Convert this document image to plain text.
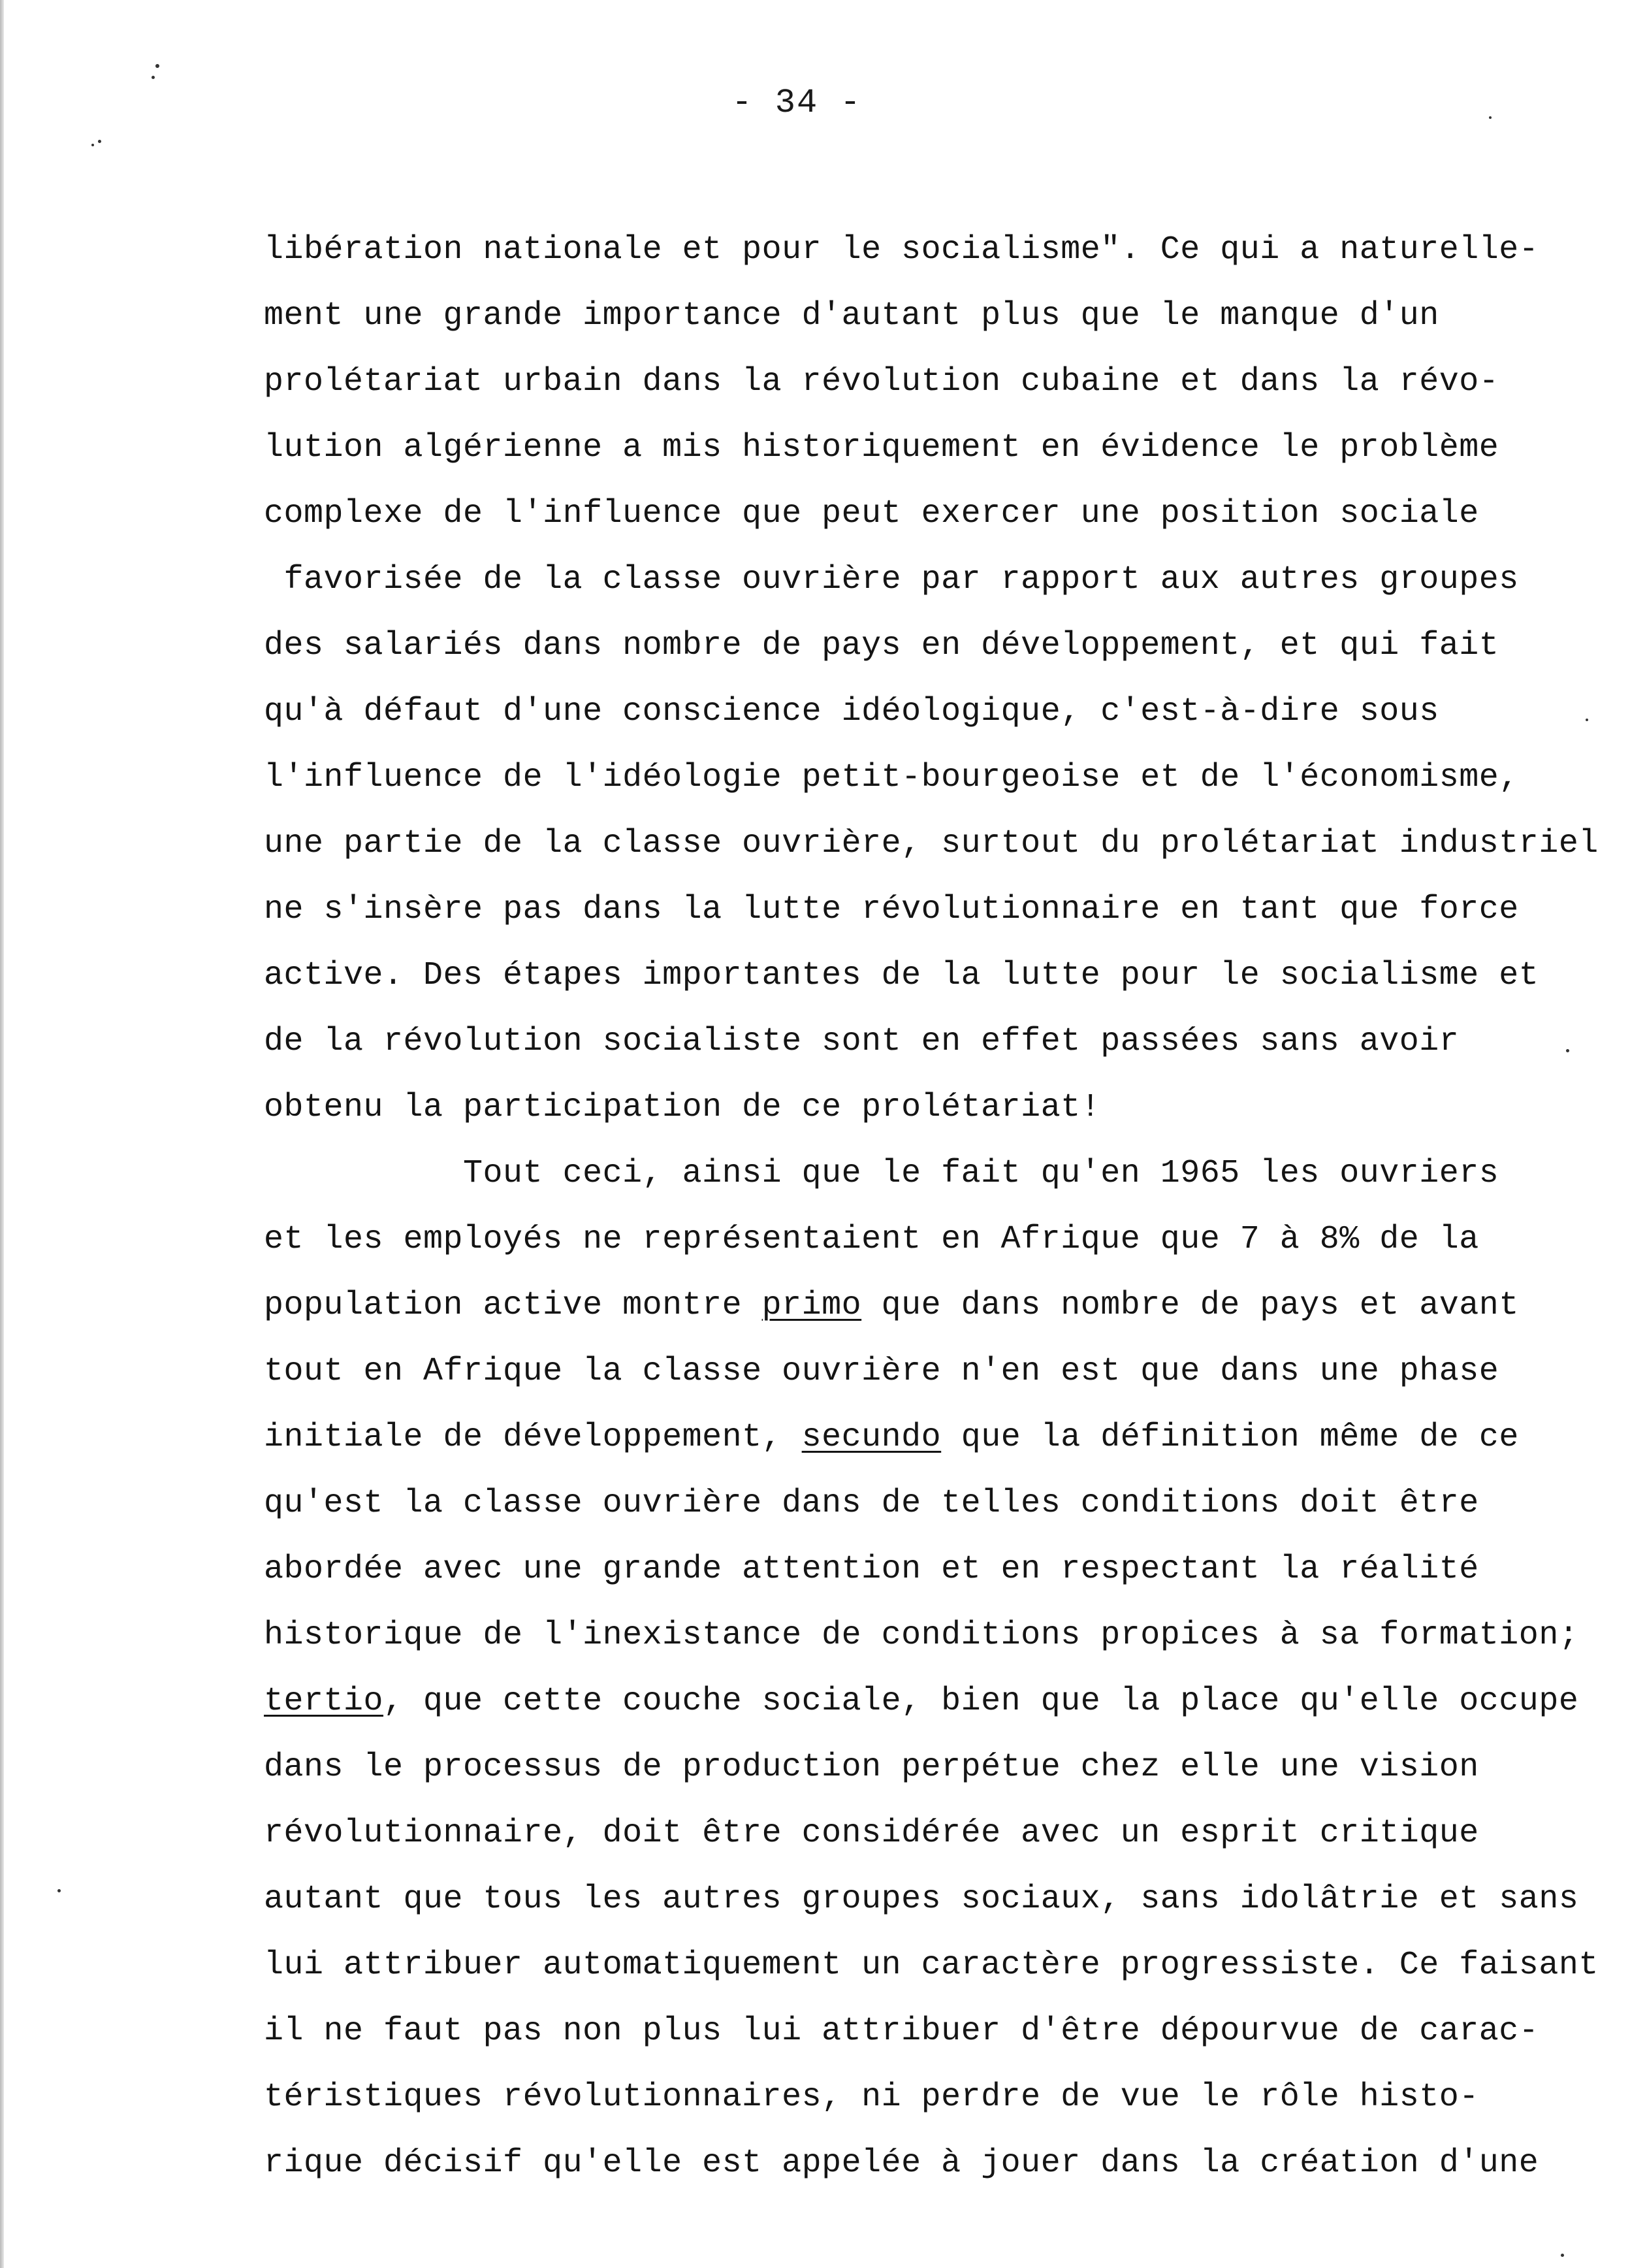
- 34 -
libération nationale et pour le socialisme". Ce qui a naturelle-
ment une grande importance d'autant plus que le manque d'un
prolétariat urbain dans la révolution cubaine et dans la révo-
lution algérienne a mis historiquement en évidence le problème
complexe de l'influence que peut exercer une position sociale
favorisée de la classe ouvrière par rapport aux autres groupes
des salariés dans nombre de pays en développement, et qui fait
qu'à défaut d'une conscience idéologique, c'est-à-dire sous
l'influence de l'idéologie petit-bourgeoise et de l'économisme,
une partie de la classe ouvrière, surtout du prolétariat industriel
ne s'insère pas dans la lutte révolutionnaire en tant que force
active. Des étapes importantes de la lutte pour le socialisme et
de la révolution socialiste sont en effet passées sans avoir
obtenu la participation de ce prolétariat!
Tout ceci, ainsi que le fait qu'en 1965 les ouvriers
et les employés ne représentaient en Afrique que 7 à 8% de la
population active montre primo que dans nombre de pays et avant
tout en Afrique la classe ouvrière n'en est que dans une phase
initiale de développement, secundo que la définition même de ce
qu'est la classe ouvrière dans de telles conditions doit être
abordée avec une grande attention et en respectant la réalité
historique de l'inexistance de conditions propices à sa formation;
tertio, que cette couche sociale, bien que la place qu'elle occupe
dans le processus de production perpétue chez elle une vision
révolutionnaire, doit être considérée avec un esprit critique
autant que tous les autres groupes sociaux, sans idolâtrie et sans
lui attribuer automatiquement un caractère progressiste. Ce faisant
il ne faut pas non plus lui attribuer d'être dépourvue de carac-
téristiques révolutionnaires, ni perdre de vue le rôle histo-
rique décisif qu'elle est appelée à jouer dans la création d'une
